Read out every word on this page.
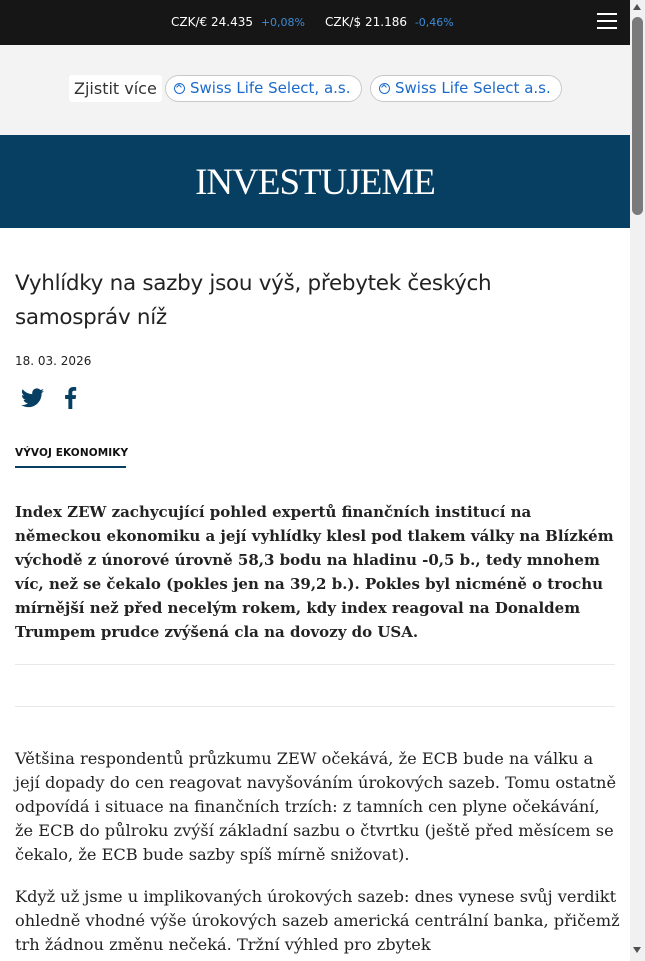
CZK/€ 24.435 +0,08% CZK/$ 21.186 -0,46%
Zjistit více	Swiss Life Select, a.s.	Swiss Life Select a.s.
INVESTUJEME
Vyhlídky na sazby jsou výš, přebytek českých samospráv níž
18. 03. 2026
VÝVOJ EKONOMIKY

Index ZEW zachycující pohled expertů finančních institucí na německou ekonomiku a její vyhlídky klesl pod tlakem války na Blízkém východě z únorové úrovně 58,3 bodu na hladinu -0,5 b., tedy mnohem víc, než se čekalo (pokles jen na 39,2 b.). Pokles byl nicméně o trochu mírnější než před necelým rokem, kdy index reagoval na Donaldem Trumpem prudce zvýšená cla na dovozy do USA.

Většina respondentů průzkumu ZEW očekává, že ECB bude na válku a její dopady do cen reagovat navyšováním úrokových sazeb. Tomu ostatně odpovídá i situace na finančních trzích: z tamních cen plyne očekávání, že ECB do půlroku zvýší základní sazbu o čtvrtku (ještě před měsícem se čekalo, že ECB bude sazby spíš mírně snižovat).

Když už jsme u implikovaných úrokových sazeb: dnes vynese svůj verdikt ohledně vhodné výše úrokových sazeb americká centrální banka, přičemž trh žádnou změnu nečeká. Tržní výhled pro zbytek
